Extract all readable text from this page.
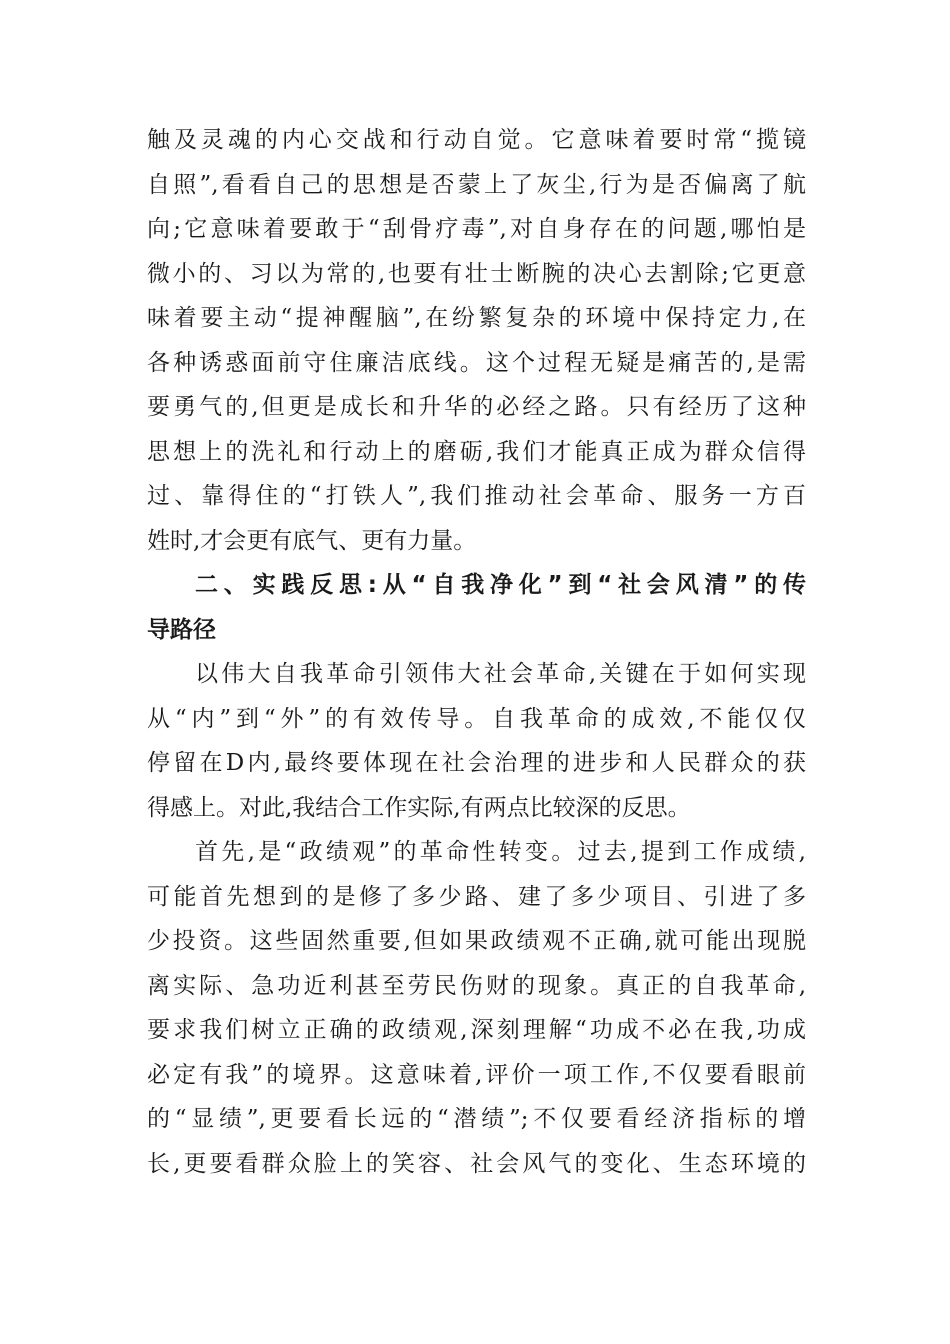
触及灵魂的内心交战和行动自觉。它意味着要时常“揽镜
自照”,看看自己的思想是否蒙上了灰尘,行为是否偏离了航
向;它意味着要敢于“刮骨疗毒”,对自身存在的问题,哪怕是
微小的、习以为常的,也要有壮士断腕的决心去割除;它更意
味着要主动“提神醒脑”,在纷繁复杂的环境中保持定力,在
各种诱惑面前守住廉洁底线。这个过程无疑是痛苦的,是需
要勇气的,但更是成长和升华的必经之路。只有经历了这种
思想上的洗礼和行动上的磨砺,我们才能真正成为群众信得
过、靠得住的“打铁人”,我们推动社会革命、服务一方百
姓时,才会更有底气、更有力量。
二、实践反思:从“自我净化”到“社会风清”的传
导路径
以伟大自我革命引领伟大社会革命,关键在于如何实现
从“内”到“外”的有效传导。自我革命的成效,不能仅仅
停留在D内,最终要体现在社会治理的进步和人民群众的获
得感上。对此,我结合工作实际,有两点比较深的反思。
首先,是“政绩观”的革命性转变。过去,提到工作成绩,
可能首先想到的是修了多少路、建了多少项目、引进了多
少投资。这些固然重要,但如果政绩观不正确,就可能出现脱
离实际、急功近利甚至劳民伤财的现象。真正的自我革命,
要求我们树立正确的政绩观,深刻理解“功成不必在我,功成
必定有我”的境界。这意味着,评价一项工作,不仅要看眼前
的“显绩”,更要看长远的“潜绩”;不仅要看经济指标的增
长,更要看群众脸上的笑容、社会风气的变化、生态环境的
